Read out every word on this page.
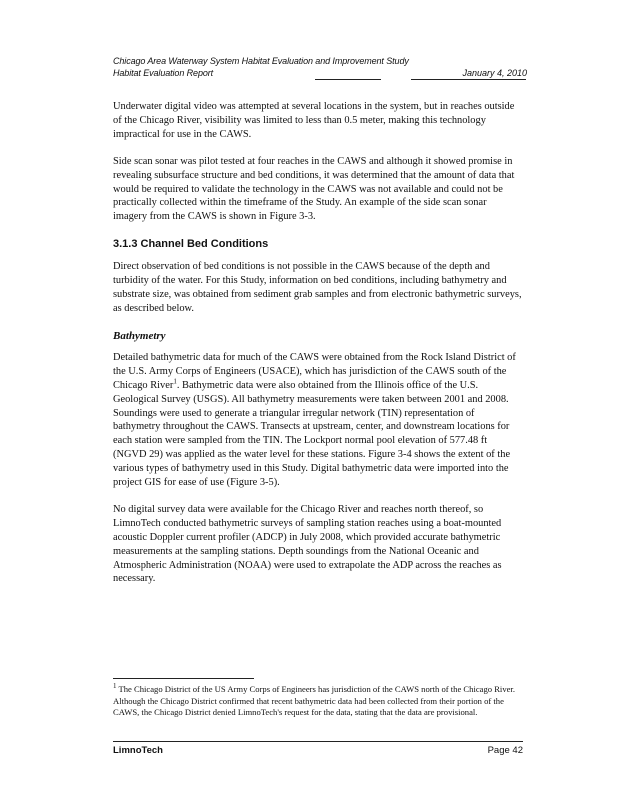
Chicago Area Waterway System Habitat Evaluation and Improvement Study
Habitat Evaluation Report	January 4, 2010

Underwater digital video was attempted at several locations in the system, but in reaches outside of the Chicago River, visibility was limited to less than 0.5 meter, making this technology impractical for use in the CAWS.

Side scan sonar was pilot tested at four reaches in the CAWS and although it showed promise in revealing subsurface structure and bed conditions, it was determined that the amount of data that would be required to validate the technology in the CAWS was not available and could not be practically collected within the timeframe of the Study. An example of the side scan sonar imagery from the CAWS is shown in Figure 3-3.

3.1.3 Channel Bed Conditions

Direct observation of bed conditions is not possible in the CAWS because of the depth and turbidity of the water. For this Study, information on bed conditions, including bathymetry and substrate size, was obtained from sediment grab samples and from electronic bathymetric surveys, as described below.

Bathymetry

Detailed bathymetric data for much of the CAWS were obtained from the Rock Island District of the U.S. Army Corps of Engineers (USACE), which has jurisdiction of the CAWS south of the Chicago River$^1$. Bathymetric data were also obtained from the Illinois office of the U.S. Geological Survey (USGS). All bathymetry measurements were taken between 2001 and 2008. Soundings were used to generate a triangular irregular network (TIN) representation of bathymetry throughout the CAWS. Transects at upstream, center, and downstream locations for each station were sampled from the TIN. The Lockport normal pool elevation of 577.48 ft (NGVD 29) was applied as the water level for these stations. Figure 3-4 shows the extent of the various types of bathymetry used in this Study. Digital bathymetric data were imported into the project GIS for ease of use (Figure 3-5).

No digital survey data were available for the Chicago River and reaches north thereof, so LimnoTech conducted bathymetric surveys of sampling station reaches using a boat-mounted acoustic Doppler current profiler (ADCP) in July 2008, which provided accurate bathymetric measurements at the sampling stations. Depth soundings from the National Oceanic and Atmospheric Administration (NOAA) were used to extrapolate the ADP across the reaches as necessary.

$^1$ The Chicago District of the US Army Corps of Engineers has jurisdiction of the CAWS north of the Chicago River. Although the Chicago District confirmed that recent bathymetric data had been collected from their portion of the CAWS, the Chicago District denied LimnoTech's request for the data, stating that the data are provisional.
LimnoTech	Page 42
